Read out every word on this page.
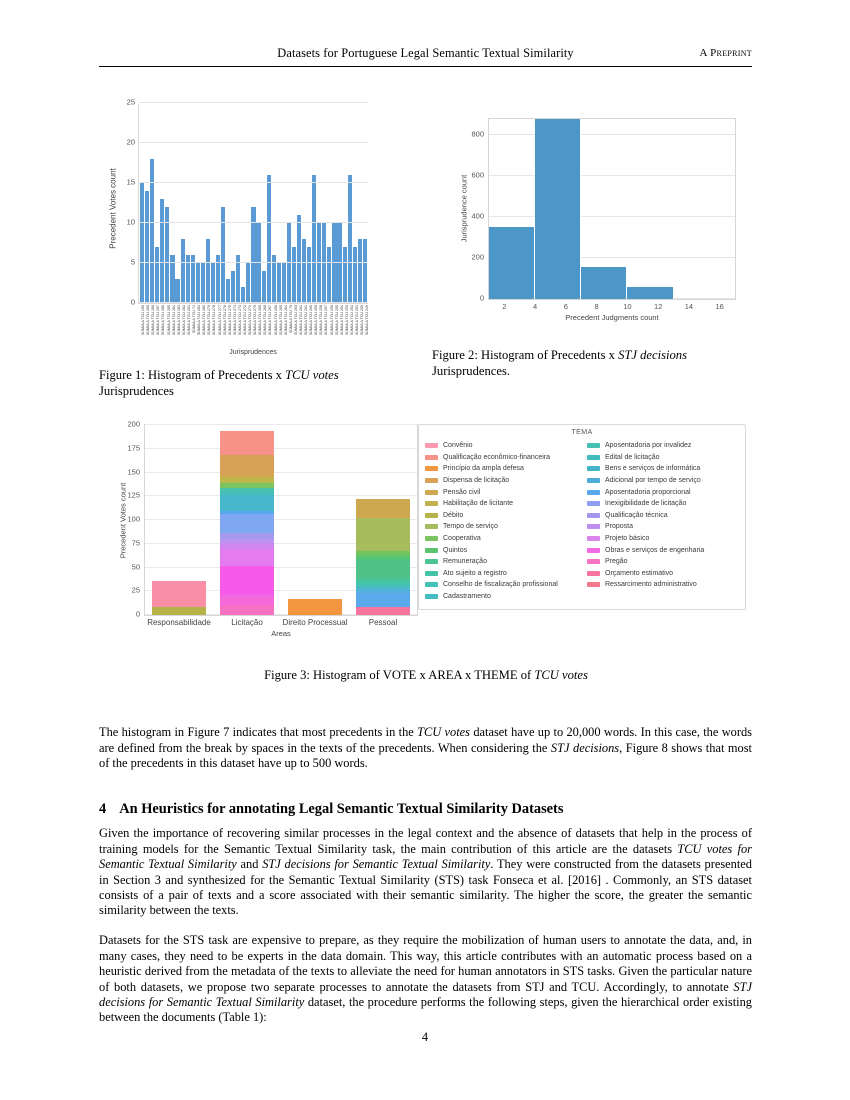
Datasets for Portuguese Legal Semantic Textual Similarity	A Preprint
Precedent Votes count
0
5
10
15
20
25
SÚMULA TCU 290 SÚMULA TCU 289 SÚMULA TCU 288 SÚMULA TCU 287 SÚMULA TCU 286 SÚMULA TCU 285 SÚMULA TCU 284 SÚMULA TCU 283 SÚMULA TCU 282 SÚMULA TCU 281 SÚMULA TCU 74 SÚMULA TCU 281 SÚMULA TCU 280 SÚMULA TCU 279 SÚMULA TCU 278 SÚMULA TCU 277 SÚMULA TCU 276 SÚMULA TCU 275 SÚMULA TCU 274 SÚMULA TCU 273 SÚMULA TCU 272 SÚMULA TCU 271 SÚMULA TCU 270 SÚMULA TCU 269 SÚMULA TCU 268 SÚMULA TCU 267 SÚMULA TCU 266 SÚMULA TCU 265 SÚMULA TCU 264 SÚMULA TCU 79 SÚMULA TCU 263 SÚMULA TCU 262 SÚMULA TCU 261 SÚMULA TCU 260 SÚMULA TCU 259 SÚMULA TCU 258 SÚMULA TCU 257 SÚMULA TCU 256 SÚMULA TCU 255 SÚMULA TCU 254 SÚMULA TCU 253 SÚMULA TCU 252 SÚMULA TCU 251 SÚMULA TCU 250 SÚMULA TCU 249
Jurisprudences
Figure 1: Histogram of Precedents x TCU votes Jurisprudences
Jurisprudence count
0
200
400
600
800
Precedent Judgments count
2	4	6	8	10	12	14	16
Figure 2: Histogram of Precedents x STJ decisions Jurisprudences.
Precedent Votes count
0
25
50
75
100
125
150
175
200
Areas
TEMA
Convênio
Qualificação econômico-financeira
Princípio da ampla defesa
Dispensa de licitação
Pensão civil
Habilitação de licitante
Débito
Tempo de serviço
Cooperativa
Quintos
Remuneração
Ato sujeito a registro
Conselho de fiscalização profissional
Cadastramento
Aposentadoria por invalidez
Edital de licitação
Bens e serviços de informática
Adicional por tempo de serviço
Aposentadoria proporcional
Inexigibilidade de licitação
Qualificação técnica
Proposta
Projeto básico
Obras e serviços de engenharia
Pregão
Orçamento estimativo
Ressarcimento administrativo
Responsabilidade	Licitação Direito Processual	Pessoal
Figure 3: Histogram of VOTE x AREA x THEME of TCU votes

The histogram in Figure 7 indicates that most precedents in the TCU votes dataset have up to 20,000 words. In this case, the words are defined from the break by spaces in the texts of the precedents. When considering the STJ decisions, Figure 8 shows that most of the precedents in this dataset have up to 500 words.

4 An Heuristics for annotating Legal Semantic Textual Similarity Datasets

Given the importance of recovering similar processes in the legal context and the absence of datasets that help in the process of training models for the Semantic Textual Similarity task, the main contribution of this article are the datasets TCU votes for Semantic Textual Similarity and STJ decisions for Semantic Textual Similarity. They were constructed from the datasets presented in Section 3 and synthesized for the Semantic Textual Similarity (STS) task Fonseca et al. [2016] . Commonly, an STS dataset consists of a pair of texts and a score associated with their semantic similarity. The higher the score, the greater the semantic similarity between the texts.

Datasets for the STS task are expensive to prepare, as they require the mobilization of human users to annotate the data, and, in many cases, they need to be experts in the data domain. This way, this article contributes with an automatic process based on a heuristic derived from the metadata of the texts to alleviate the need for human annotators in STS tasks. Given the particular nature of both datasets, we propose two separate processes to annotate the datasets from STJ and TCU. Accordingly, to annotate STJ decisions for Semantic Textual Similarity dataset, the procedure performs the following steps, given the hierarchical order existing between the documents (Table 1):

4
